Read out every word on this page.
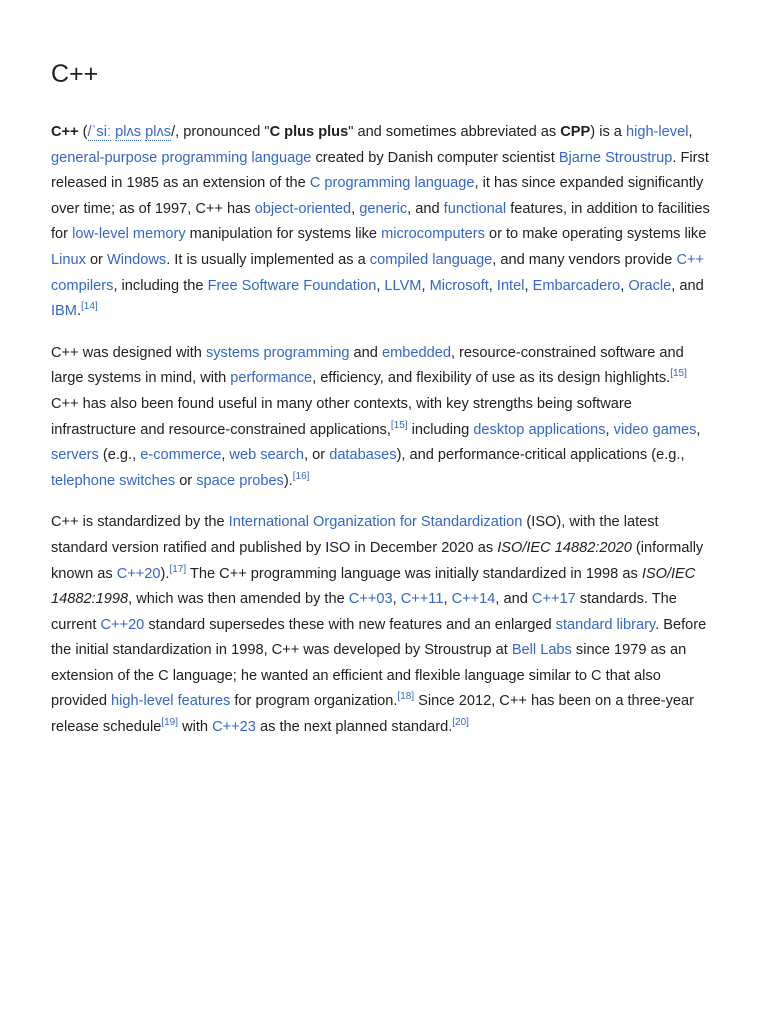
C++

C++ (/ˈsiː plʌs plʌs/, pronounced "C plus plus" and sometimes abbreviated as CPP) is a high-level, general-purpose programming language created by Danish computer scientist Bjarne Stroustrup. First released in 1985 as an extension of the C programming language, it has since expanded significantly over time; as of 1997, C++ has object-oriented, generic, and functional features, in addition to facilities for low-level memory manipulation for systems like microcomputers or to make operating systems like Linux or Windows. It is usually implemented as a compiled language, and many vendors provide C++ compilers, including the Free Software Foundation, LLVM, Microsoft, Intel, Embarcadero, Oracle, and IBM.[14]

C++ was designed with systems programming and embedded, resource-constrained software and large systems in mind, with performance, efficiency, and flexibility of use as its design highlights.[15] C++ has also been found useful in many other contexts, with key strengths being software infrastructure and resource-constrained applications,[15] including desktop applications, video games, servers (e.g., e-commerce, web search, or databases), and performance-critical applications (e.g., telephone switches or space probes).[16]

C++ is standardized by the International Organization for Standardization (ISO), with the latest standard version ratified and published by ISO in December 2020 as ISO/IEC 14882:2020 (informally known as C++20).[17] The C++ programming language was initially standardized in 1998 as ISO/IEC 14882:1998, which was then amended by the C++03, C++11, C++14, and C++17 standards. The current C++20 standard supersedes these with new features and an enlarged standard library. Before the initial standardization in 1998, C++ was developed by Stroustrup at Bell Labs since 1979 as an extension of the C language; he wanted an efficient and flexible language similar to C that also provided high-level features for program organization.[18] Since 2012, C++ has been on a three-year release schedule[19] with C++23 as the next planned standard.[20]
